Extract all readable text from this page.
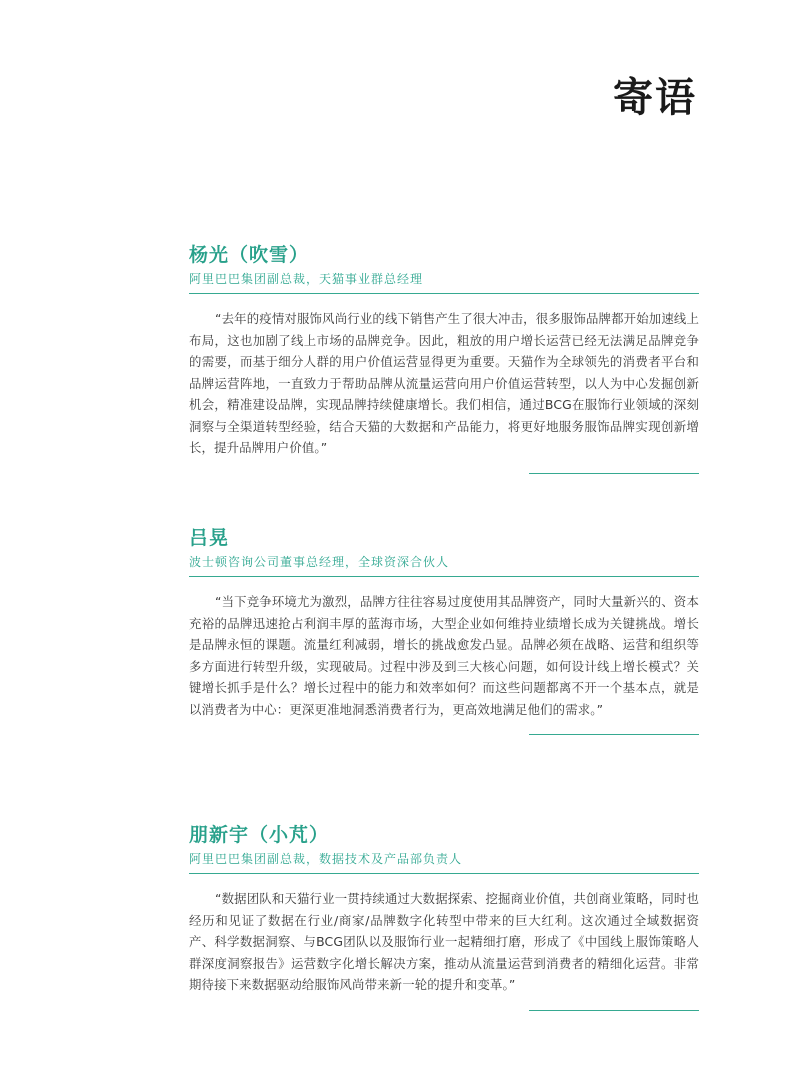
寄语
杨光（吹雪）
阿里巴巴集团副总裁，天猫事业群总经理
“去年的疫情对服饰风尚行业的线下销售产生了很大冲击，很多服饰品牌都开始加速线上布局，这也加剧了线上市场的品牌竞争。因此，粗放的用户增长运营已经无法满足品牌竞争的需要，而基于细分人群的用户价值运营显得更为重要。天猫作为全球领先的消费者平台和品牌运营阵地，一直致力于帮助品牌从流量运营向用户价值运营转型，以人为中心发掘创新机会，精准建设品牌，实现品牌持续健康增长。我们相信，通过BCG在服饰行业领域的深刻洞察与全渠道转型经验，结合天猫的大数据和产品能力，将更好地服务服饰品牌实现创新增长，提升品牌用户价值。”
吕晃
波士顿咨询公司董事总经理，全球资深合伙人
“当下竞争环境尤为激烈，品牌方往往容易过度使用其品牌资产，同时大量新兴的、资本充裕的品牌迅速抢占利润丰厚的蓝海市场，大型企业如何维持业绩增长成为关键挑战。增长是品牌永恒的课题。流量红利减弱，增长的挑战愈发凸显。品牌必须在战略、运营和组织等多方面进行转型升级，实现破局。过程中涉及到三大核心问题，如何设计线上增长模式？关键增长抓手是什么？增长过程中的能力和效率如何？而这些问题都离不开一个基本点，就是以消费者为中心：更深更准地洞悉消费者行为，更高效地满足他们的需求。”
朋新宇（小芃）
阿里巴巴集团副总裁，数据技术及产品部负责人
“数据团队和天猫行业一贯持续通过大数据探索、挖掘商业价值，共创商业策略，同时也经历和见证了数据在行业/商家/品牌数字化转型中带来的巨大红利。这次通过全域数据资产、科学数据洞察、与BCG团队以及服饰行业一起精细打磨，形成了《中国线上服饰策略人群深度洞察报告》运营数字化增长解决方案，推动从流量运营到消费者的精细化运营。非常期待接下来数据驱动给服饰风尚带来新一轮的提升和变革。”
